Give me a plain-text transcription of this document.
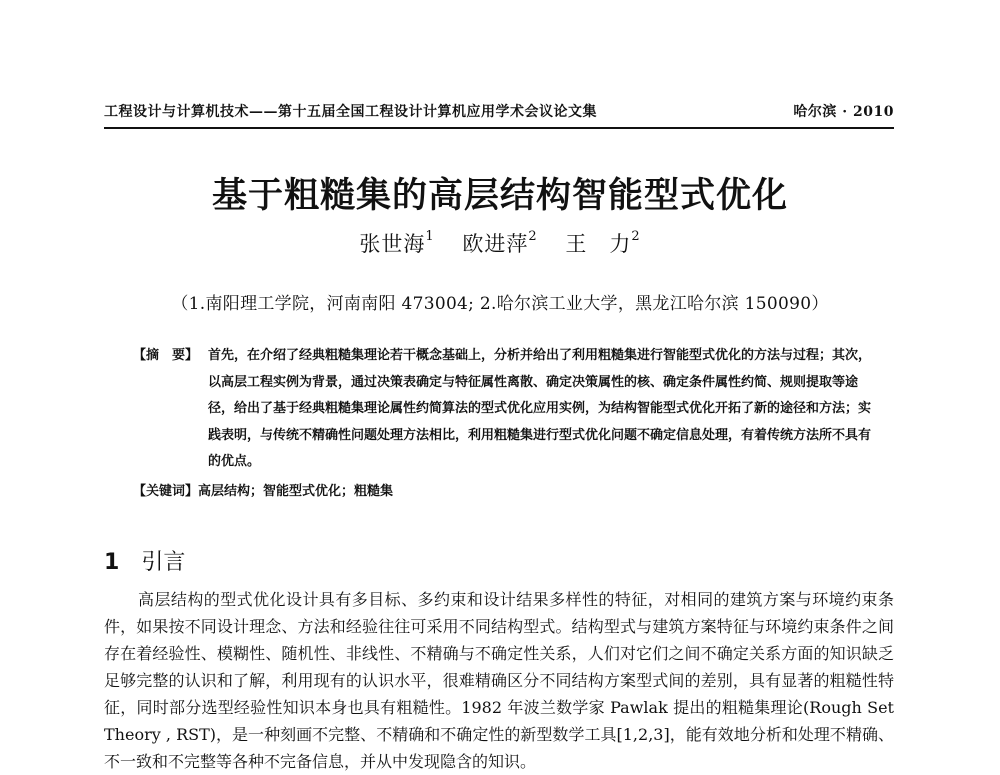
工程设计与计算机技术——第十五届全国工程设计计算机应用学术会议论文集	哈尔滨 · 2010
基于粗糙集的高层结构智能型式优化
张世海$^1$ 欧进萍$^2$ 王　力$^2$
（1.南阳理工学院，河南南阳 473004; 2.哈尔滨工业大学，黑龙江哈尔滨 150090）
【摘　要】 首先，在介绍了经典粗糙集理论若干概念基础上，分析并给出了利用粗糙集进行智能型式优化的方法与过程；其次，以高层工程实例为背景，通过决策表确定与特征属性离散、确定决策属性的核、确定条件属性约简、规则提取等途径，给出了基于经典粗糙集理论属性约简算法的型式优化应用实例，为结构智能型式优化开拓了新的途径和方法；实践表明，与传统不精确性问题处理方法相比，利用粗糙集进行型式优化问题不确定信息处理，有着传统方法所不具有的优点。
【关键词】高层结构；智能型式优化；粗糙集
1 引言
高层结构的型式优化设计具有多目标、多约束和设计结果多样性的特征，对相同的建筑方案与环境约束条件，如果按不同设计理念、方法和经验往往可采用不同结构型式。结构型式与建筑方案特征与环境约束条件之间存在着经验性、模糊性、随机性、非线性、不精确与不确定性关系，人们对它们之间不确定关系方面的知识缺乏足够完整的认识和了解，利用现有的认识水平，很难精确区分不同结构方案型式间的差别，具有显著的粗糙性特征，同时部分选型经验性知识本身也具有粗糙性。1982 年波兰数学家 Pawlak 提出的粗糙集理论(Rough Set Theory , RST)，是一种刻画不完整、不精确和不确定性的新型数学工具[1,2,3]，能有效地分析和处理不精确、不一致和不完整等各种不完备信息，并从中发现隐含的知识。
